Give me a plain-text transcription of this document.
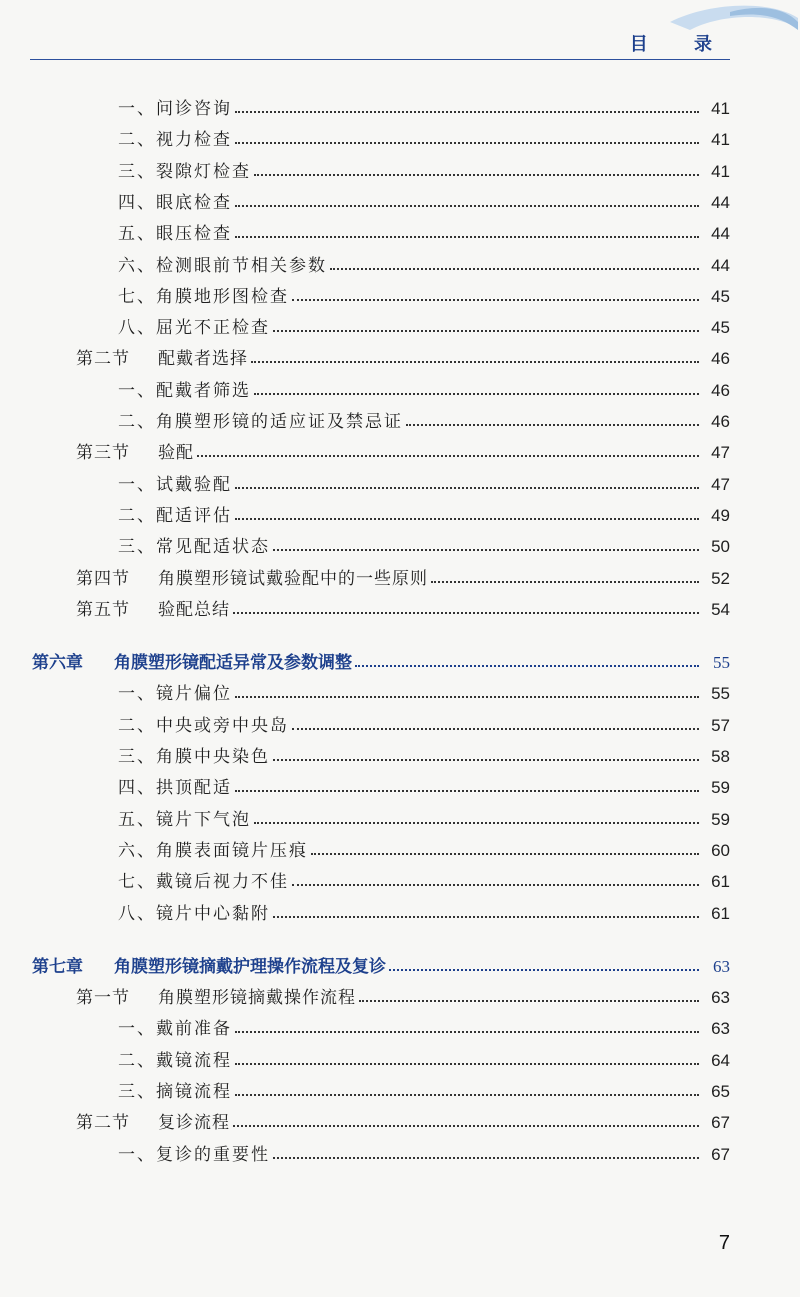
目 录
一、问诊咨询	41
二、视力检查	41
三、裂隙灯检查	41
四、眼底检查	44
五、眼压检查	44
六、检测眼前节相关参数	44
七、角膜地形图检查	45
八、屈光不正检查	45
第二节 配戴者选择	46
一、配戴者筛选	46
二、角膜塑形镜的适应证及禁忌证	46
第三节 验配	47
一、试戴验配	47
二、配适评估	49
三、常见配适状态	50
第四节 角膜塑形镜试戴验配中的一些原则	52
第五节 验配总结	54
第六章 角膜塑形镜配适异常及参数调整	55
一、镜片偏位	55
二、中央或旁中央岛	57
三、角膜中央染色	58
四、拱顶配适	59
五、镜片下气泡	59
六、角膜表面镜片压痕	60
七、戴镜后视力不佳	61
八、镜片中心黏附	61
第七章 角膜塑形镜摘戴护理操作流程及复诊	63
第一节 角膜塑形镜摘戴操作流程	63
一、戴前准备	63
二、戴镜流程	64
三、摘镜流程	65
第二节 复诊流程	67
一、复诊的重要性	67
7
